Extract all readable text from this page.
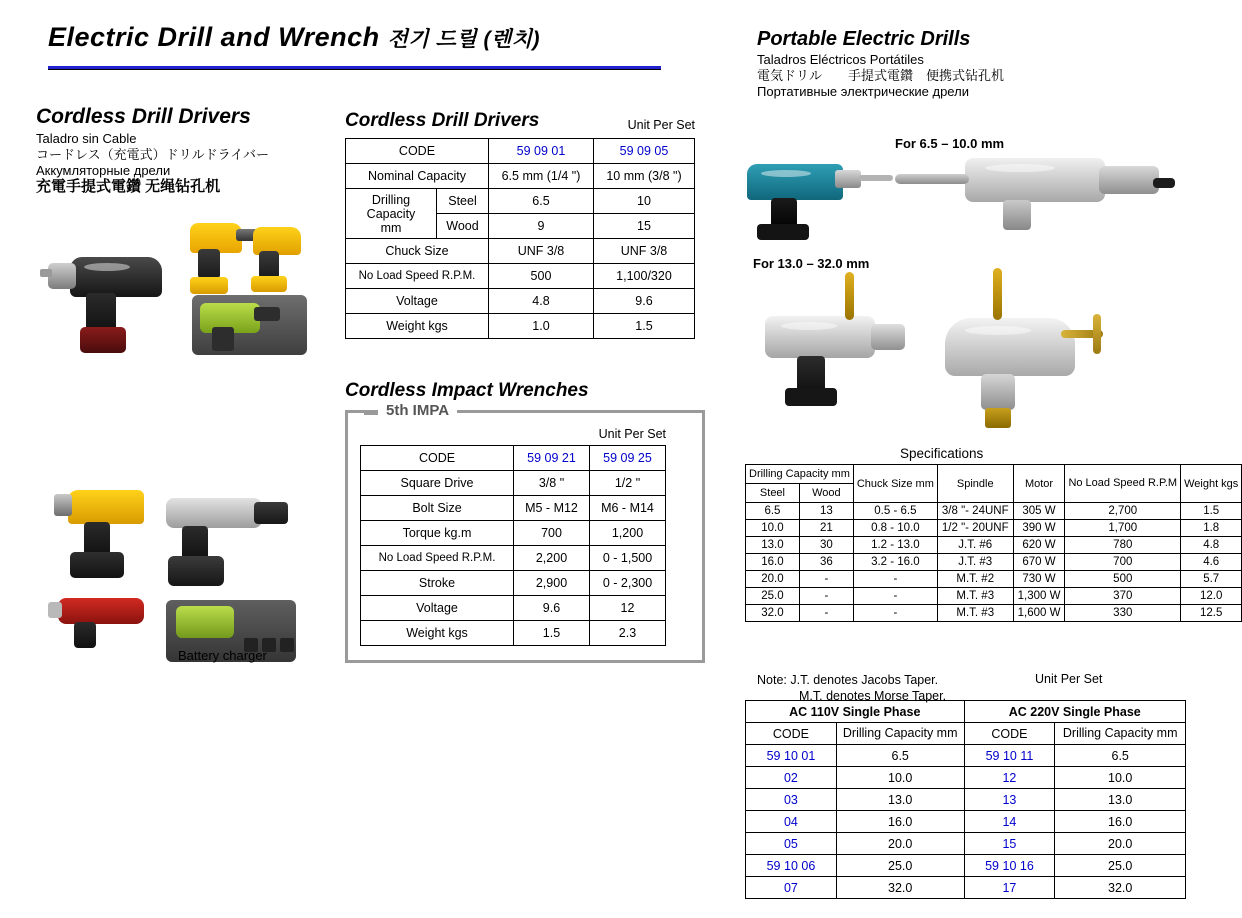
Electric Drill and Wrench 전기 드릴 (렌치)
Cordless Drill Drivers
Taladro sin Cable
コードレス（充電式）ドリルドライバー
Аккумляторные дрели
充電手提式電鑽 无绳钻孔机
Battery charger
Cordless Drill Drivers	Unit Per Set
CODE		59 09 01	59 09 05
Nominal Capacity		6.5 mm (1/4 ")	10 mm (3/8 ")
Drilling
Capacity
mm	Steel	6.5	10
	Wood	9	15
Chuck Size		UNF 3/8	UNF 3/8
No Load Speed R.P.M.		500	1,100/320
Voltage		4.8	9.6
Weight kgs		1.0	1.5
Cordless Impact Wrenches
5th IMPA
Unit Per Set
CODE	59 09 21	59 09 25
Square Drive	3/8 "	1/2 "
Bolt Size	M5 - M12	M6 - M14
Torque kg.m	700	1,200
No Load Speed R.P.M.	2,200	0 - 1,500
Stroke	2,900	0 - 2,300
Voltage	9.6	12
Weight kgs	1.5	2.3
Portable Electric Drills
Taladros Eléctricos Portátiles
電気ドリル　　手提式電鑽　便携式钻孔机
Портативные электрические дрели
For 6.5 – 10.0 mm
For 13.0 – 32.0 mm
Specifications
Drilling Capacity mm		Chuck Size mm	Spindle	Motor	No Load Speed R.P.M	Weight kgs
Steel	Wood					
6.5	13	0.5 - 6.5	3/8 "- 24UNF	305 W	2,700	1.5
10.0	21	0.8 - 10.0	1/2 "- 20UNF	390 W	1,700	1.8
13.0	30	1.2 - 13.0	J.T. #6	620 W	780	4.8
16.0	36	3.2 - 16.0	J.T. #3	670 W	700	4.6
20.0	-	-	M.T. #2	730 W	500	5.7
25.0	-	-	M.T. #3	1,300 W	370	12.0
32.0	-	-	M.T. #3	1,600 W	330	12.5
Note: J.T. denotes Jacobs Taper.
M.T. denotes Morse Taper.
Unit Per Set
AC 110V Single Phase		AC 220V Single Phase	
CODE	Drilling Capacity mm	CODE	Drilling Capacity mm
59 10 01	6.5	59 10 11	6.5
02	10.0	12	10.0
03	13.0	13	13.0
04	16.0	14	16.0
05	20.0	15	20.0
59 10 06	25.0	59 10 16	25.0
07	32.0	17	32.0
